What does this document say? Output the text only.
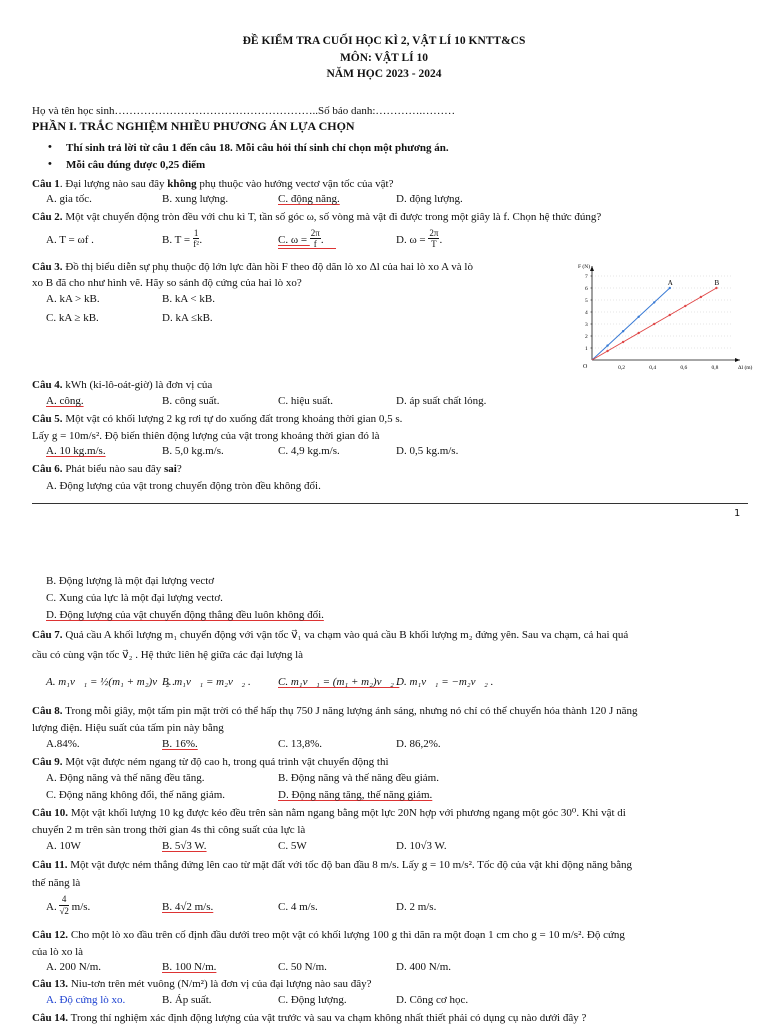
ĐỀ KIỂM TRA CUỐI HỌC KÌ 2, VẬT LÍ 10 KNTT&CS
MÔN: VẬT LÍ 10
NĂM HỌC 2023 - 2024
Họ và tên học sinh………………………………………………..Số báo danh:………….………
PHẦN I. TRẮC NGHIỆM NHIỀU PHƯƠNG ÁN LỰA CHỌN
• Thí sinh trả lời từ câu 1 đến câu 18. Mỗi câu hỏi thí sinh chỉ chọn một phương án.
• Mỗi câu đúng được 0,25 điểm
Câu 1. Đại lượng nào sau đây không phụ thuộc vào hướng vectơ vận tốc của vật?
A. gia tốc.	B. xung lượng.	C. động năng.	D. động lượng.
Câu 2. Một vật chuyển động tròn đều với chu kì T, tần số góc ω, số vòng mà vật đi được trong một giây là f. Chọn hệ thức đúng?
A. T = ωf .	B. $T = \frac{1}{\text{f²}}$ .	C. $\omega = \frac{2\pi}{f}$ .	D. $\omega = \frac{2\pi}{T}$ .
Câu 3. Đồ thị biểu diễn sự phụ thuộc độ lớn lực đàn hồi F theo độ dãn lò xo Δl của hai lò xo A và lò
xo B đã cho như hình vẽ. Hãy so sánh độ cứng của hai lò xo?
A. kA > kB.	B. kA < kB.
C. kA ≥ kB.	D. kA ≤kB.
F (N)
Δl (m)
O	0,2	0,4	0,6	0,8
1
2
3
4
5
6
7
A	B
Câu 4. kWh (ki-lô-oát-giờ) là đơn vị của
A. công.	B. công suất.	C. hiệu suất.	D. áp suất chất lỏng.
Câu 5. Một vật có khối lượng 2 kg rơi tự do xuống đất trong khoảng thời gian 0,5 s.
Lấy g = 10m/s². Độ biến thiên động lượng của vật trong khoảng thời gian đó là
A. 10 kg.m/s.	B. 5,0 kg.m/s.	C. 4,9 kg.m/s.	D. 0,5 kg.m/s.
Câu 6. Phát biểu nào sau đây sai?
A. Động lượng của vật trong chuyển động tròn đều không đổi.
1
B. Động lượng là một đại lượng vectơ
C. Xung của lực là một đại lượng vectơ.
D. Động lượng của vật chuyển động thẳng đều luôn không đổi.
Câu 7. Quả cầu A khối lượng m₁ chuyển động với vận tốc v⃗₁ va chạm vào quả cầu B khối lượng m₂ đứng yên. Sau va chạm, cả hai quả
cầu có cùng vận tốc v⃗₂ . Hệ thức liên hệ giữa các đại lượng là
A. m₁v⃗₁ = ½(m₁ + m₂)v⃗₂ .
B. m₁v⃗₁ = m₂v⃗₂ . C. m₁v⃗₁ = (m₁ + m₂)v⃗₂ .
D. m₁v⃗₁ = −m₂v⃗₂ .
Câu 8. Trong mỗi giây, một tấm pin mặt trời có thể hấp thụ 750 J năng lượng ánh sáng, nhưng nó chỉ có thể chuyển hóa thành 120 J năng
lượng điện. Hiệu suất của tấm pin này bằng
A.84%.	B. 16%.	C. 13,8%.	D. 86,2%.
Câu 9. Một vật được ném ngang từ độ cao h, trong quá trình vật chuyển động thì
A. Động năng và thế năng đều tăng.	B. Động năng và thế năng đều giảm.
C. Động năng không đổi, thế năng giảm.	D. Động năng tăng, thế năng giảm.
Câu 10. Một vật khối lượng 10 kg được kéo đều trên sàn nằm ngang bằng một lực 20N hợp với phương ngang một góc 30⁰. Khi vật di
chuyển 2 m trên sàn trong thời gian 4s thì công suất của lực là
A. 10W	B. 5√3 W.	C. 5W	D. 10√3 W.
Câu 11. Một vật được ném thẳng đứng lên cao từ mặt đất với tốc độ ban đầu 8 m/s. Lấy g = 10 m/s². Tốc độ của vật khi động năng bằng
thế năng là
A. $\frac{4}{√2} m/s$.	B. 4√2 m/s.	C. 4 m/s.	D. 2 m/s.
Câu 12. Cho một lò xo đầu trên cố định đầu dưới treo một vật có khối lượng 100 g thì dãn ra một đoạn 1 cm cho g = 10 m/s². Độ cứng
của lò xo là
A. 200 N/m.	B. 100 N/m.	C. 50 N/m.	D. 400 N/m.
Câu 13. Niu-tơn trên mét vuông (N/m²) là đơn vị của đại lượng nào sau đây?
A. Độ cứng lò xo.	B. Áp suất.	C. Động lượng.	D. Công cơ học.
Câu 14. Trong thí nghiệm xác định động lượng của vật trước và sau va chạm không nhất thiết phải có dụng cụ nào dưới đây ?
